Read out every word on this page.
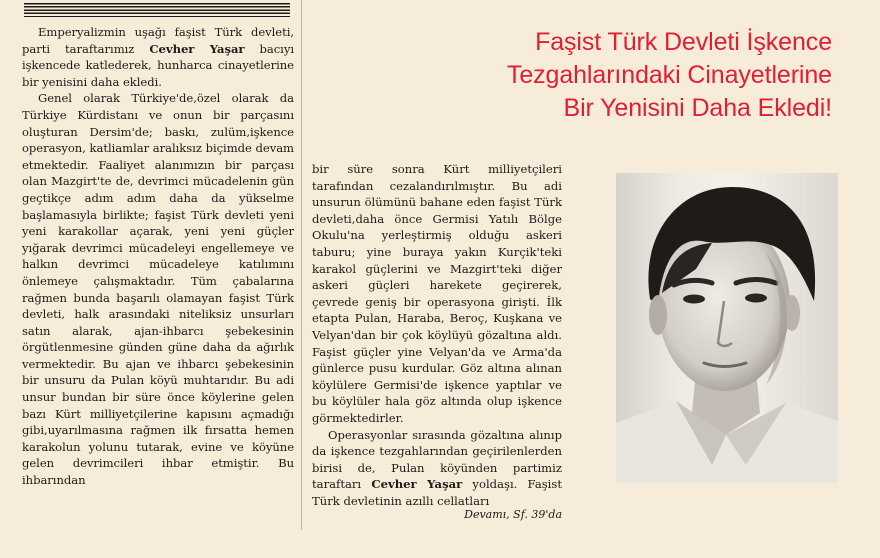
Emperyalizmin uşağı faşist Türk devleti, parti taraftarımız Cevher Yaşar bacıyı işkencede katlederek, hunharca cinayetlerine bir yenisini daha ekledi.

Genel olarak Türkiye'de,özel olarak da Türkiye Kürdistanı ve onun bir parçasını oluşturan Dersim'de; baskı, zulüm,işkence operasyon, katliamlar aralıksız biçimde devam etmektedir. Faaliyet alanımızın bir parçası olan Mazgirt'te de, devrimci mücadelenin gün geçtikçe adım adım daha da yükselme başlamasıyla birlikte; faşist Türk devleti yeni yeni karakollar açarak, yeni yeni güçler yığarak devrimci mücadeleyi engellemeye ve halkın devrimci mücadeleye katılımını önlemeye çalışmaktadır. Tüm çabalarına rağmen bunda başarılı olamayan faşist Türk devleti, halk arasındaki niteliksiz unsurları satın alarak, ajan-ihbarcı şebekesinin örgütlenmesine günden güne daha da ağırlık vermektedir. Bu ajan ve ihbarcı şebekesinin bir unsuru da Pulan köyü muhtarıdır. Bu adi unsur bundan bir süre önce köylerine gelen bazı Kürt milliyetçilerine kapısını açmadığı gibi,uyarılmasına rağmen ilk fırsatta hemen karakolun yolunu tutarak, evine ve köyüne gelen devrimcileri ihbar etmiştir. Bu ihbarından

Faşist Türk Devleti İşkence
Tezgahlarındaki Cinayetlerine
Bir Yenisini Daha Ekledi!

bir süre sonra Kürt milliyetçileri tarafından cezalandırılmıştır. Bu adi unsurun ölümünü bahane eden faşist Türk devleti,daha önce Germisi Yatılı Bölge Okulu'na yerleştirmiş olduğu askeri taburu; yine buraya yakın Kurçik'teki karakol güçlerini ve Mazgirt'teki diğer askeri güçleri harekete geçirerek, çevrede geniş bir operasyona girişti. İlk etapta Pulan, Haraba, Beroç, Kuşkana ve Velyan'dan bir çok köylüyü gözaltına aldı. Faşist güçler yine Velyan'da ve Arma'da günlerce pusu kurdular. Göz altına alınan köylülere Germisi'de işkence yaptılar ve bu köylüler hala göz altında olup işkence görmektedirler.

Operasyonlar sırasında gözaltına alınıp da işkence tezgahlarından geçirilenlerden birisi de, Pulan köyünden partimiz taraftarı Cevher Yaşar yoldaşı. Faşist Türk devletinin azıllı cellatları

Devamı, Sf. 39'da
